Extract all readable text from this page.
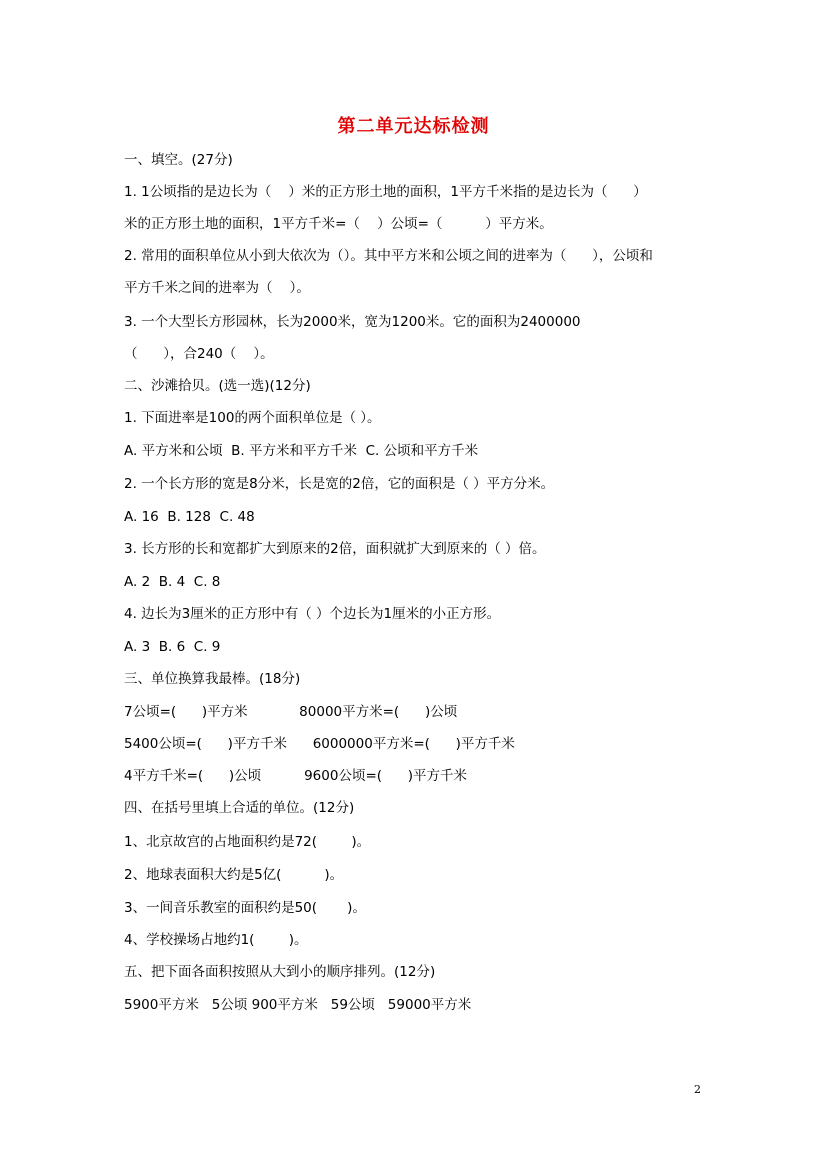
第二单元达标检测
一、填空。(27分)
1. 1公顷指的是边长为（    ）米的正方形土地的面积，1平方千米指的是边长为（      ）
米的正方形土地的面积，1平方千米=（    ）公顷=（          ）平方米。
2. 常用的面积单位从小到大依次为（）。其中平方米和公顷之间的进率为（      ），公顷和
平方千米之间的进率为（    ）。
3. 一个大型长方形园林，长为2000米，宽为1200米。它的面积为2400000
（      ），合240（    ）。
二、沙滩拾贝。(选一选)(12分)
1. 下面进率是100的两个面积单位是（ ）。
A. 平方米和公顷  B. 平方米和平方千米  C. 公顷和平方千米
2. 一个长方形的宽是8分米，长是宽的2倍，它的面积是（ ）平方分米。
A. 16  B. 128  C. 48
3. 长方形的长和宽都扩大到原来的2倍，面积就扩大到原来的（ ）倍。
A. 2  B. 4  C. 8
4. 边长为3厘米的正方形中有（ ）个边长为1厘米的小正方形。
A. 3  B. 6  C. 9
三、单位换算我最棒。(18分)
7公顷=(      )平方米            80000平方米=(      )公顷
5400公顷=(      )平方千米      6000000平方米=(      )平方千米
4平方千米=(      )公顷          9600公顷=(      )平方千米
四、在括号里填上合适的单位。(12分)
1、北京故宫的占地面积约是72(        )。
2、地球表面积大约是5亿(          )。
3、一间音乐教室的面积约是50(       )。
4、学校操场占地约1(        )。
五、把下面各面积按照从大到小的顺序排列。(12分)
5900平方米   5公顷 900平方米   59公顷   59000平方米
2
